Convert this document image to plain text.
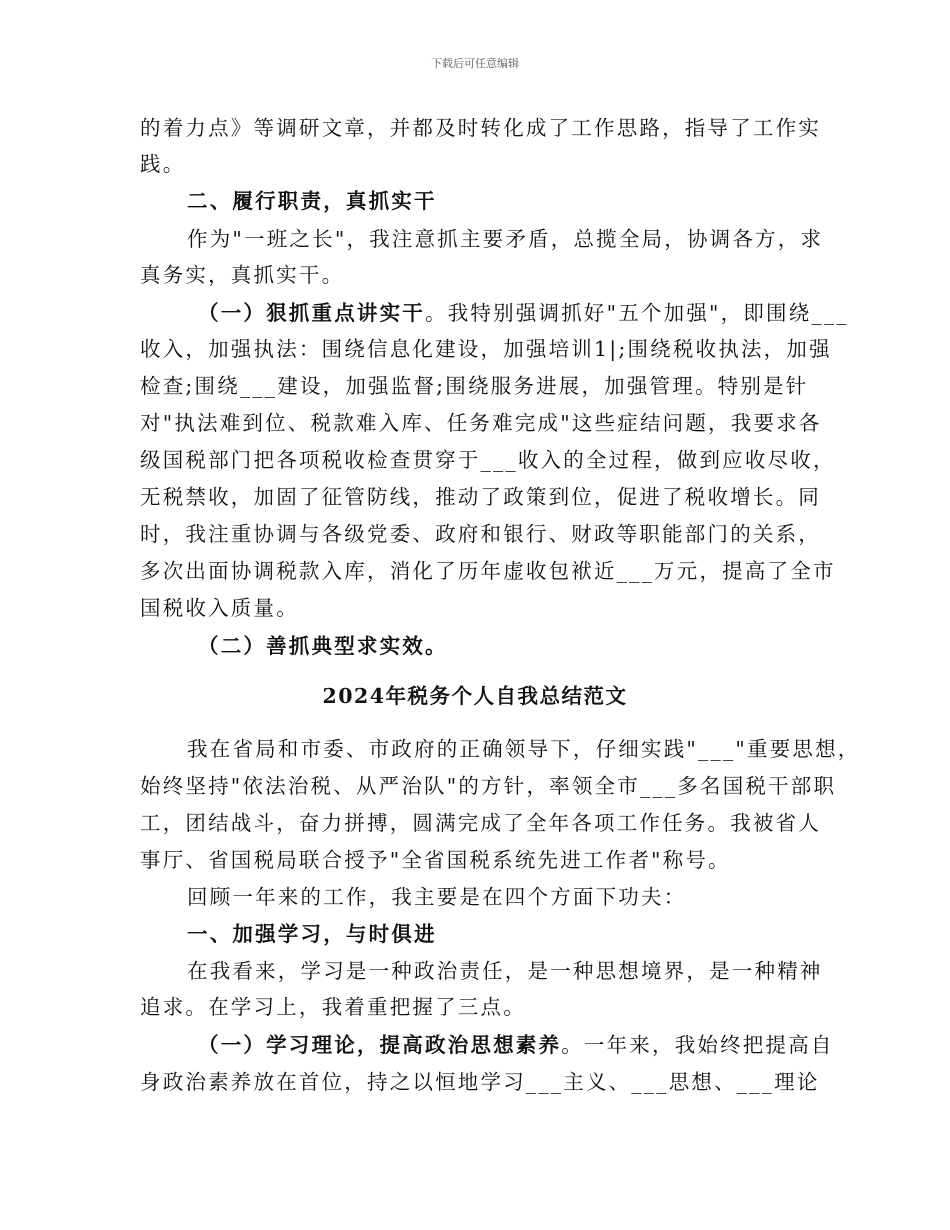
下载后可任意编辑
的着力点》等调研文章，并都及时转化成了工作思路，指导了工作实
践。
二、履行职责，真抓实干
作为"一班之长"，我注意抓主要矛盾，总揽全局，协调各方，求
真务实，真抓实干。
（一）狠抓重点讲实干。我特别强调抓好"五个加强"，即围绕___
收入，加强执法：围绕信息化建设，加强培训1|;围绕税收执法，加强
检查;围绕___建设，加强监督;围绕服务进展，加强管理。特别是针
对"执法难到位、税款难入库、任务难完成"这些症结问题，我要求各
级国税部门把各项税收检查贯穿于___收入的全过程，做到应收尽收，
无税禁收，加固了征管防线，推动了政策到位，促进了税收增长。同
时，我注重协调与各级党委、政府和银行、财政等职能部门的关系，
多次出面协调税款入库，消化了历年虚收包袱近___万元，提高了全市
国税收入质量。
（二）善抓典型求实效。
2024年税务个人自我总结范文
我在省局和市委、市政府的正确领导下，仔细实践"___"重要思想，
始终坚持"依法治税、从严治队"的方针，率领全市___多名国税干部职
工，团结战斗，奋力拼搏，圆满完成了全年各项工作任务。我被省人
事厅、省国税局联合授予"全省国税系统先进工作者"称号。
回顾一年来的工作，我主要是在四个方面下功夫：
一、加强学习，与时俱进
在我看来，学习是一种政治责任，是一种思想境界，是一种精神
追求。在学习上，我着重把握了三点。
（一）学习理论，提高政治思想素养。一年来，我始终把提高自
身政治素养放在首位，持之以恒地学习___主义、___思想、___理论
